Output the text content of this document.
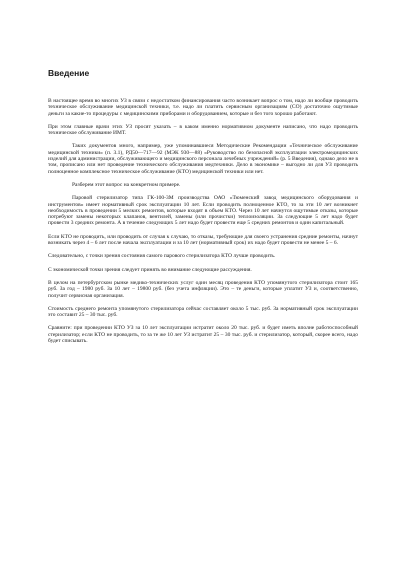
Введение

В настоящее время во многих УЗ в связи с недостатком финансирования часто возникает вопрос о том, надо ли вообще проводить техническое обслуживание медицинской техники, т.е. надо ли платить сервисным организациям (СО) достаточно ощутимые деньги за какие-то процедуры с медицинскими приборами и оборудованием, которые и без того хорошо работают.

При этом главные врачи этих УЗ просят указать – в каком именно нормативном документе написано, что надо проводить техническое обслуживание ИМТ.

Таких документов много, например, уже упоминавшиеся Методические Рекомендации «Техническое обслуживание медицинской техники» (п. 3.1), РД50—717—92 (МЭК 930—88) «Руководство по безопасной эксплуатации электромедицинских изделий для администрации, обслуживающего и медицинского персонала лечебных учреждений» (р. 5 Введения), однако дело не в том, прописано или нет проведение технического обслуживания медтехники. Дело в экономике – выгодно ли для УЗ проводить полноценное комплексное техническое обслуживание (КТО) медицинской техники или нет.

Разберем этот вопрос на конкретном примере.

Паровой стерилизатор типа ГК-100-3М производства ОАО «Тюменский завод медицинского оборудования и инструментов» имеет нормативный срок эксплуатации 10 лет. Если проводить полноценное КТО, то за эти 10 лет возникнет необходимость в проведении 5 мелких ремонтов, которые входят в объем КТО. Через 10 лет начнутся ощутимые отказы, которые потребуют замены некоторых клапанов, вентилей, замены (или прочистки) теплоизоляции. За следующие 5 лет надо будет провести 3 средних ремонта. А в течение следующих 5 лет надо будет провести еще 5 средних ремонтов и один капитальный.

Если КТО не проводить, или проводить от случая к случаю, то отказы, требующие для своего устранения средние ремонты, начнут возникать через 4 – 6 лет после начала эксплуатации и за 10 лет (нормативный срок) их надо будет провести не менее 5 – 6.

Следовательно, с точки зрения состояния самого парового стерилизатора КТО лучше проводить.

С экономической точки зрения следует принять во внимание следующие рассуждения.

В целом на петербургском рынке медико-технических услуг один месяц проведения КТО упомянутого стерилизатора стоит 165 руб. За год – 1980 руб. За 10 лет – 19800 руб. (без учета инфляции). Это – те деньги, которые уплатит УЗ и, соответственно, получит сервисная организация.

Стоимость среднего ремонта упомянутого стерилизатора сейчас составляет около 5 тыс. руб. За нормативный срок эксплуатации это составит 25 – 30 тыс. руб.

Сравните: при проведении КТО УЗ за 10 лет эксплуатации истратит около 20 тыс. руб. и будет иметь вполне работоспособный стерилизатор; если КТО не проводить, то за те же 10 лет УЗ истратит 25 – 30 тыс. руб. и стерилизатор, который, скорее всего, надо будет списывать.
